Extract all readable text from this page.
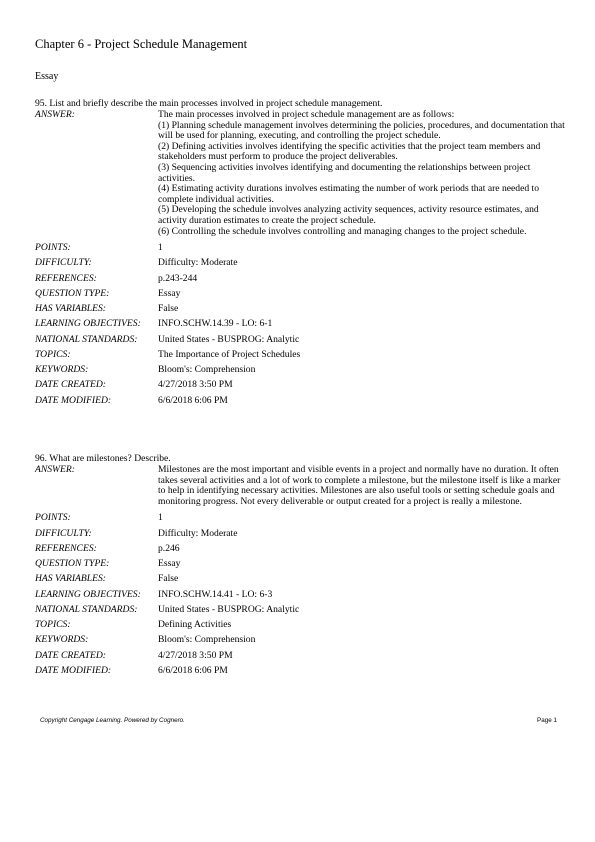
Chapter 6 - Project Schedule Management
Essay
95 . List and briefly describe the main processes involved in project schedule management.
ANSWER:	The main processes involved in project schedule management are as follows:
(1) Planning schedule management involves determining the policies, procedures, and documentation that will be used for planning, executing, and controlling the project schedule.
(2) Defining activities involves identifying the specific activities that the project team members and stakeholders must perform to produce the project deliverables.
(3) Sequencing activities involves identifying and documenting the relationships between project activities.
(4) Estimating activity durations involves estimating the number of work periods that are needed to complete individual activities.
(5) Developing the schedule involves analyzing activity sequences, activity resource estimates, and activity duration estimates to create the project schedule.
(6) Controlling the schedule involves controlling and managing changes to the project schedule.
POINTS:	1
DIFFICULTY:	Difficulty: Moderate
REFERENCES:	p.243-244
QUESTION TYPE:	Essay
HAS VARIABLES:	False
LEARNING OBJECTIVES:	INFO.SCHW.14.39 - LO: 6-1
NATIONAL STANDARDS:	United States - BUSPROG: Analytic
TOPICS:	The Importance of Project Schedules
KEYWORDS:	Bloom's: Comprehension
DATE CREATED:	4/27/2018 3:50 PM
DATE MODIFIED:	6/6/2018 6:06 PM
96 . What are milestones? Describe.
ANSWER:	Milestones are the most important and visible events in a project and normally have no duration. It often takes several activities and a lot of work to complete a milestone, but the milestone itself is like a marker to help in identifying necessary activities. Milestones are also useful tools or setting schedule goals and monitoring progress. Not every deliverable or output created for a project is really a milestone.
POINTS:	1
DIFFICULTY:	Difficulty: Moderate
REFERENCES:	p.246
QUESTION TYPE:	Essay
HAS VARIABLES:	False
LEARNING OBJECTIVES:	INFO.SCHW.14.41 - LO: 6-3
NATIONAL STANDARDS:	United States - BUSPROG: Analytic
TOPICS:	Defining Activities
KEYWORDS:	Bloom's: Comprehension
DATE CREATED:	4/27/2018 3:50 PM
DATE MODIFIED:	6/6/2018 6:06 PM
Copyright Cengage Learning. Powered by Cognero.	Page 1
